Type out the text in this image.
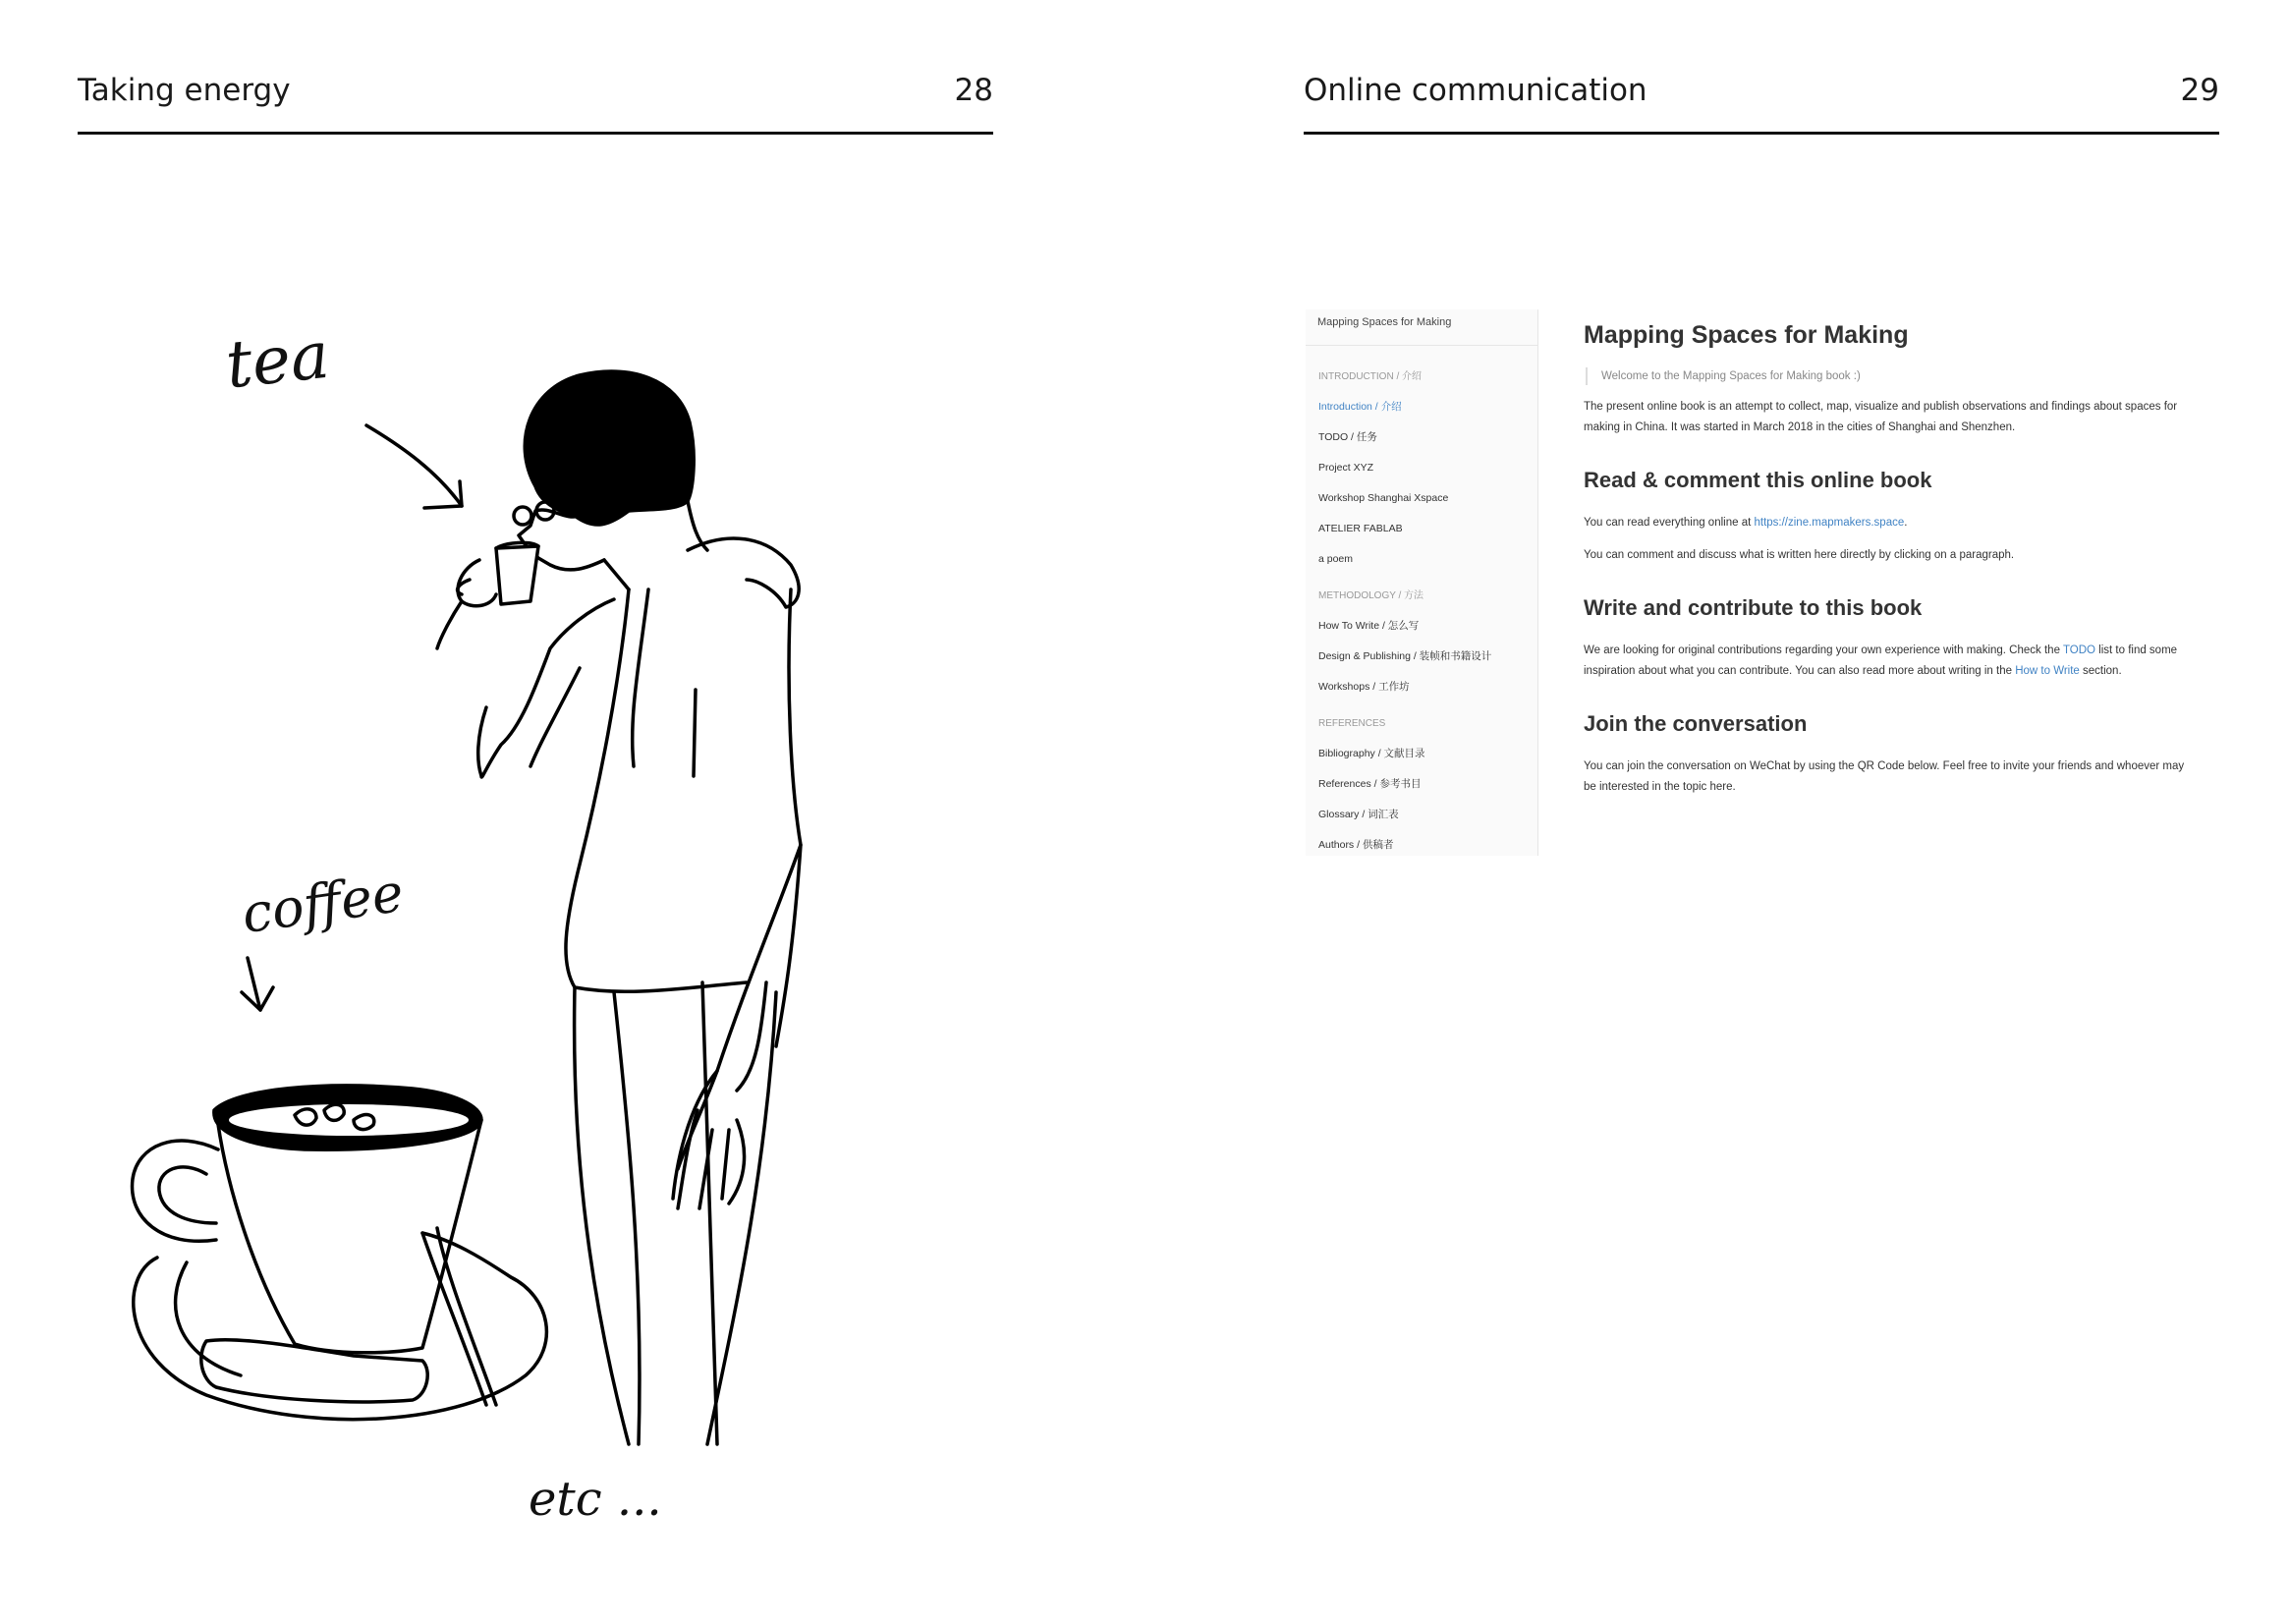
Taking energy	28
tea
coffee
etc ...
Online communication	29
Mapping Spaces for Making
INTRODUCTION / 介绍
Introduction / 介绍
TODO / 任务
Project XYZ
Workshop Shanghai Xspace
ATELIER FABLAB
a poem
METHODOLOGY / 方法
How To Write / 怎么写
Design & Publishing / 装帧和书籍设计
Workshops / 工作坊
REFERENCES
Bibliography / 文献目录
References / 参考书目
Glossary / 词汇表
Authors / 供稿者
Mapping Spaces for Making
Welcome to the Mapping Spaces for Making book :)

The present online book is an attempt to collect, map, visualize and publish observations and findings about spaces for making in China. It was started in March 2018 in the cities of Shanghai and Shenzhen.

Read & comment this online book

You can read everything online at https://zine.mapmakers.space.

You can comment and discuss what is written here directly by clicking on a paragraph.

Write and contribute to this book

We are looking for original contributions regarding your own experience with making. Check the TODO list to find some inspiration about what you can contribute. You can also read more about writing in the How to Write section.

Join the conversation

You can join the conversation on WeChat by using the QR Code below. Feel free to invite your friends and whoever may be interested in the topic here.
